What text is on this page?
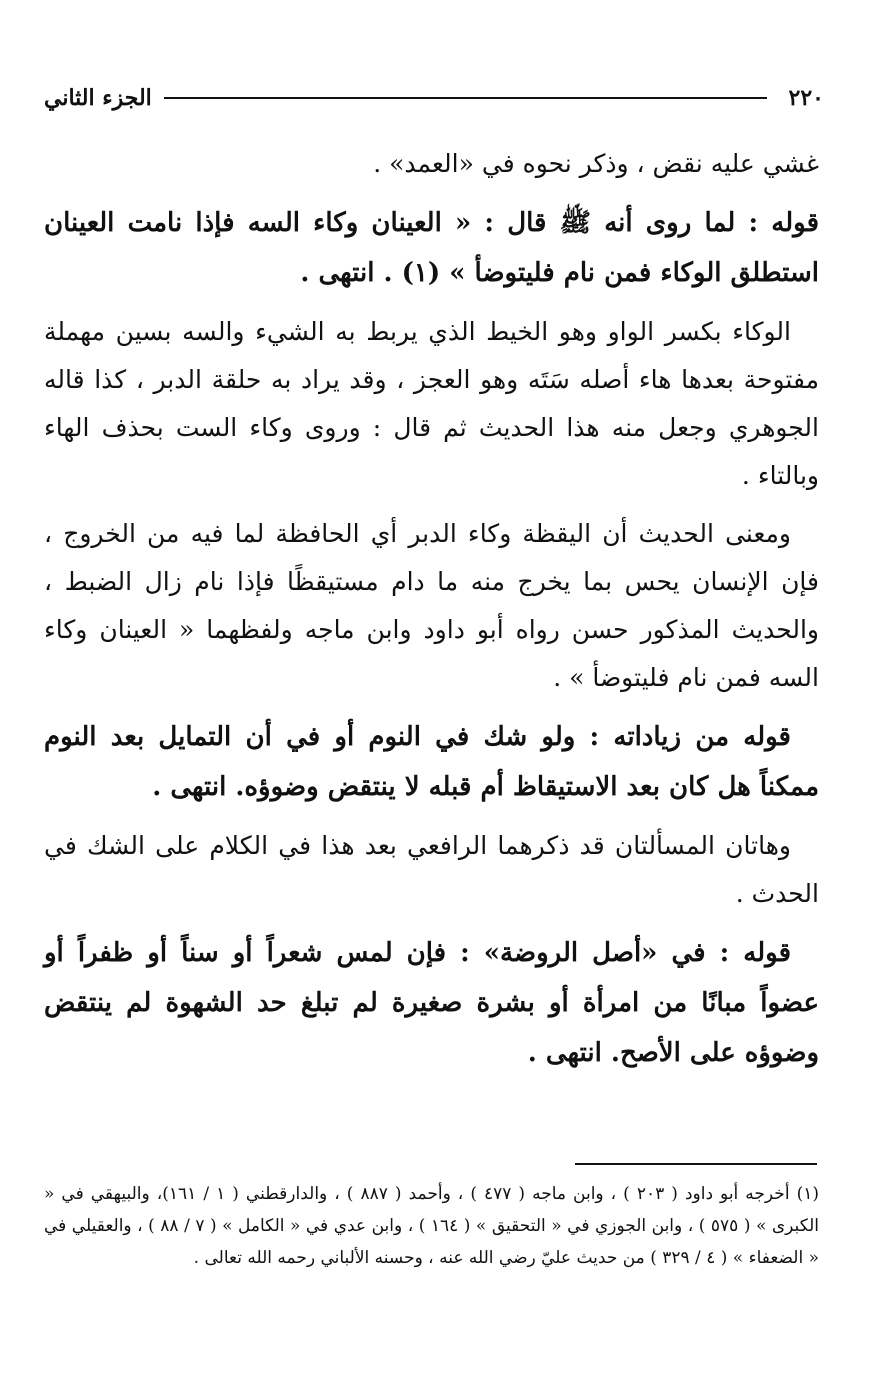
٢٢٠
الجزء الثاني

غشي عليه نقض ، وذكر نحوه في «العمد» .

قوله : لما روى أنه ﷺ قال : « العينان وكاء السه فإذا نامت العينان استطلق الوكاء فمن نام فليتوضأ » (١) . انتهى .

الوكاء بكسر الواو وهو الخيط الذي يربط به الشيء والسه بسين مهملة مفتوحة بعدها هاء أصله سَتَه وهو العجز ، وقد يراد به حلقة الدبر ، كذا قاله الجوهري وجعل منه هذا الحديث ثم قال : وروى وكاء الست بحذف الهاء وبالتاء .

ومعنى الحديث أن اليقظة وكاء الدبر أي الحافظة لما فيه من الخروج ، فإن الإنسان يحس بما يخرج منه ما دام مستيقظًا فإذا نام زال الضبط ، والحديث المذكور حسن رواه أبو داود وابن ماجه ولفظهما « العينان وكاء السه فمن نام فليتوضأ » .

قوله من زياداته : ولو شك في النوم أو في أن التمايل بعد النوم ممكناً هل كان بعد الاستيقاظ أم قبله لا ينتقض وضوؤه. انتهى .

وهاتان المسألتان قد ذكرهما الرافعي بعد هذا في الكلام على الشك في الحدث .

قوله : في «أصل الروضة» : فإن لمس شعراً أو سناً أو ظفراً أو عضواً مبانًا من امرأة أو بشرة صغيرة لم تبلغ حد الشهوة لم ينتقض وضوؤه على الأصح. انتهى .

(١) أخرجه أبو داود ( ٢٠٣ ) ، وابن ماجه ( ٤٧٧ ) ، وأحمد ( ٨٨٧ ) ، والدارقطني ( ١ / ١٦١)، والبيهقي في « الكبرى » ( ٥٧٥ ) ، وابن الجوزي في « التحقيق » ( ١٦٤ ) ، وابن عدي في « الكامل » ( ٧ / ٨٨ ) ، والعقيلي في « الضعفاء » ( ٤ / ٣٢٩ ) من حديث عليّ رضي الله عنه ، وحسنه الألباني رحمه الله تعالى .
